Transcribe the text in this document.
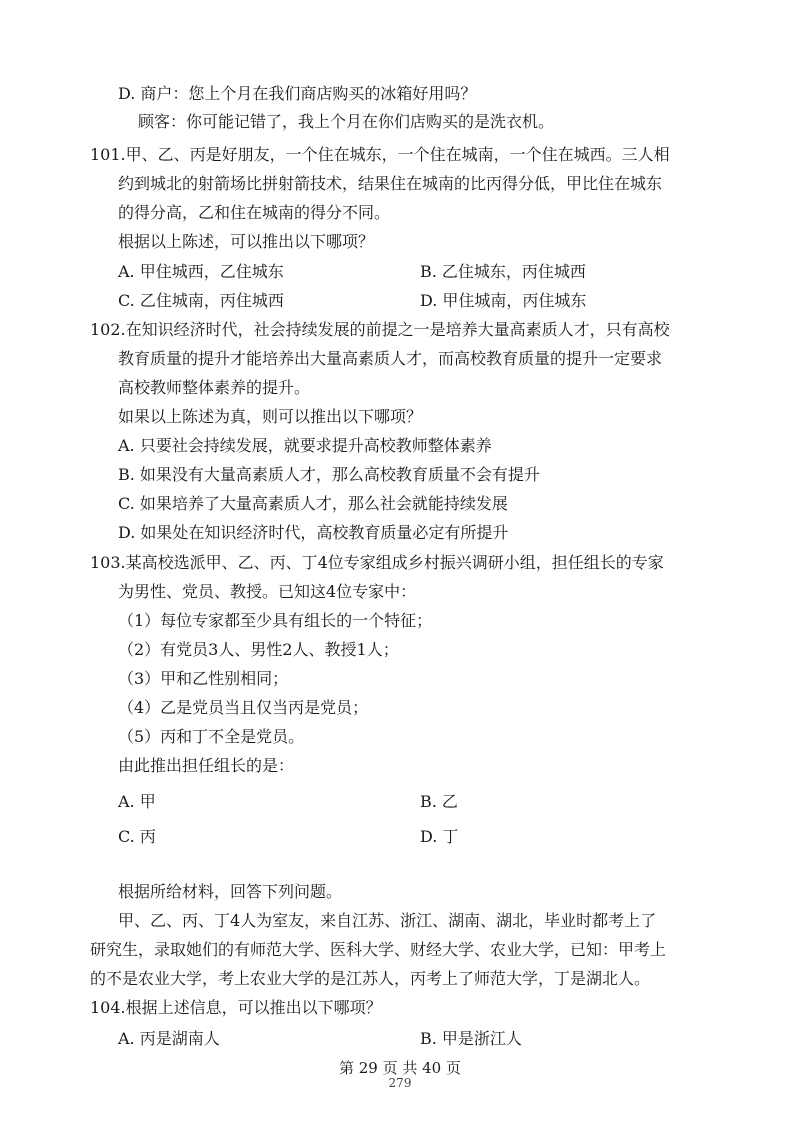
D. 商户：您上个月在我们商店购买的冰箱好用吗？
顾客：你可能记错了，我上个月在你们店购买的是洗衣机。
101.甲、乙、丙是好朋友，一个住在城东，一个住在城南，一个住在城西。三人相
约到城北的射箭场比拼射箭技术，结果住在城南的比丙得分低，甲比住在城东
的得分高，乙和住在城南的得分不同。
根据以上陈述，可以推出以下哪项？
A. 甲住城西，乙住城东	B. 乙住城东，丙住城西
C. 乙住城南，丙住城西	D. 甲住城南，丙住城东
102.在知识经济时代，社会持续发展的前提之一是培养大量高素质人才，只有高校
教育质量的提升才能培养出大量高素质人才，而高校教育质量的提升一定要求
高校教师整体素养的提升。
如果以上陈述为真，则可以推出以下哪项？
A. 只要社会持续发展，就要求提升高校教师整体素养
B. 如果没有大量高素质人才，那么高校教育质量不会有提升
C. 如果培养了大量高素质人才，那么社会就能持续发展
D. 如果处在知识经济时代，高校教育质量必定有所提升
103.某高校选派甲、乙、丙、丁4位专家组成乡村振兴调研小组，担任组长的专家
为男性、党员、教授。已知这4位专家中：
（1）每位专家都至少具有组长的一个特征；
（2）有党员3人、男性2人、教授1人；
（3）甲和乙性别相同；
（4）乙是党员当且仅当丙是党员；
（5）丙和丁不全是党员。
由此推出担任组长的是：
A. 甲	B. 乙
C. 丙	D. 丁
根据所给材料，回答下列问题。
甲、乙、丙、丁4人为室友，来自江苏、浙江、湖南、湖北，毕业时都考上了
研究生，录取她们的有师范大学、医科大学、财经大学、农业大学，已知：甲考上
的不是农业大学，考上农业大学的是江苏人，丙考上了师范大学，丁是湖北人。
104.根据上述信息，可以推出以下哪项？
A. 丙是湖南人	B. 甲是浙江人
第 29 页 共 40 页
279
